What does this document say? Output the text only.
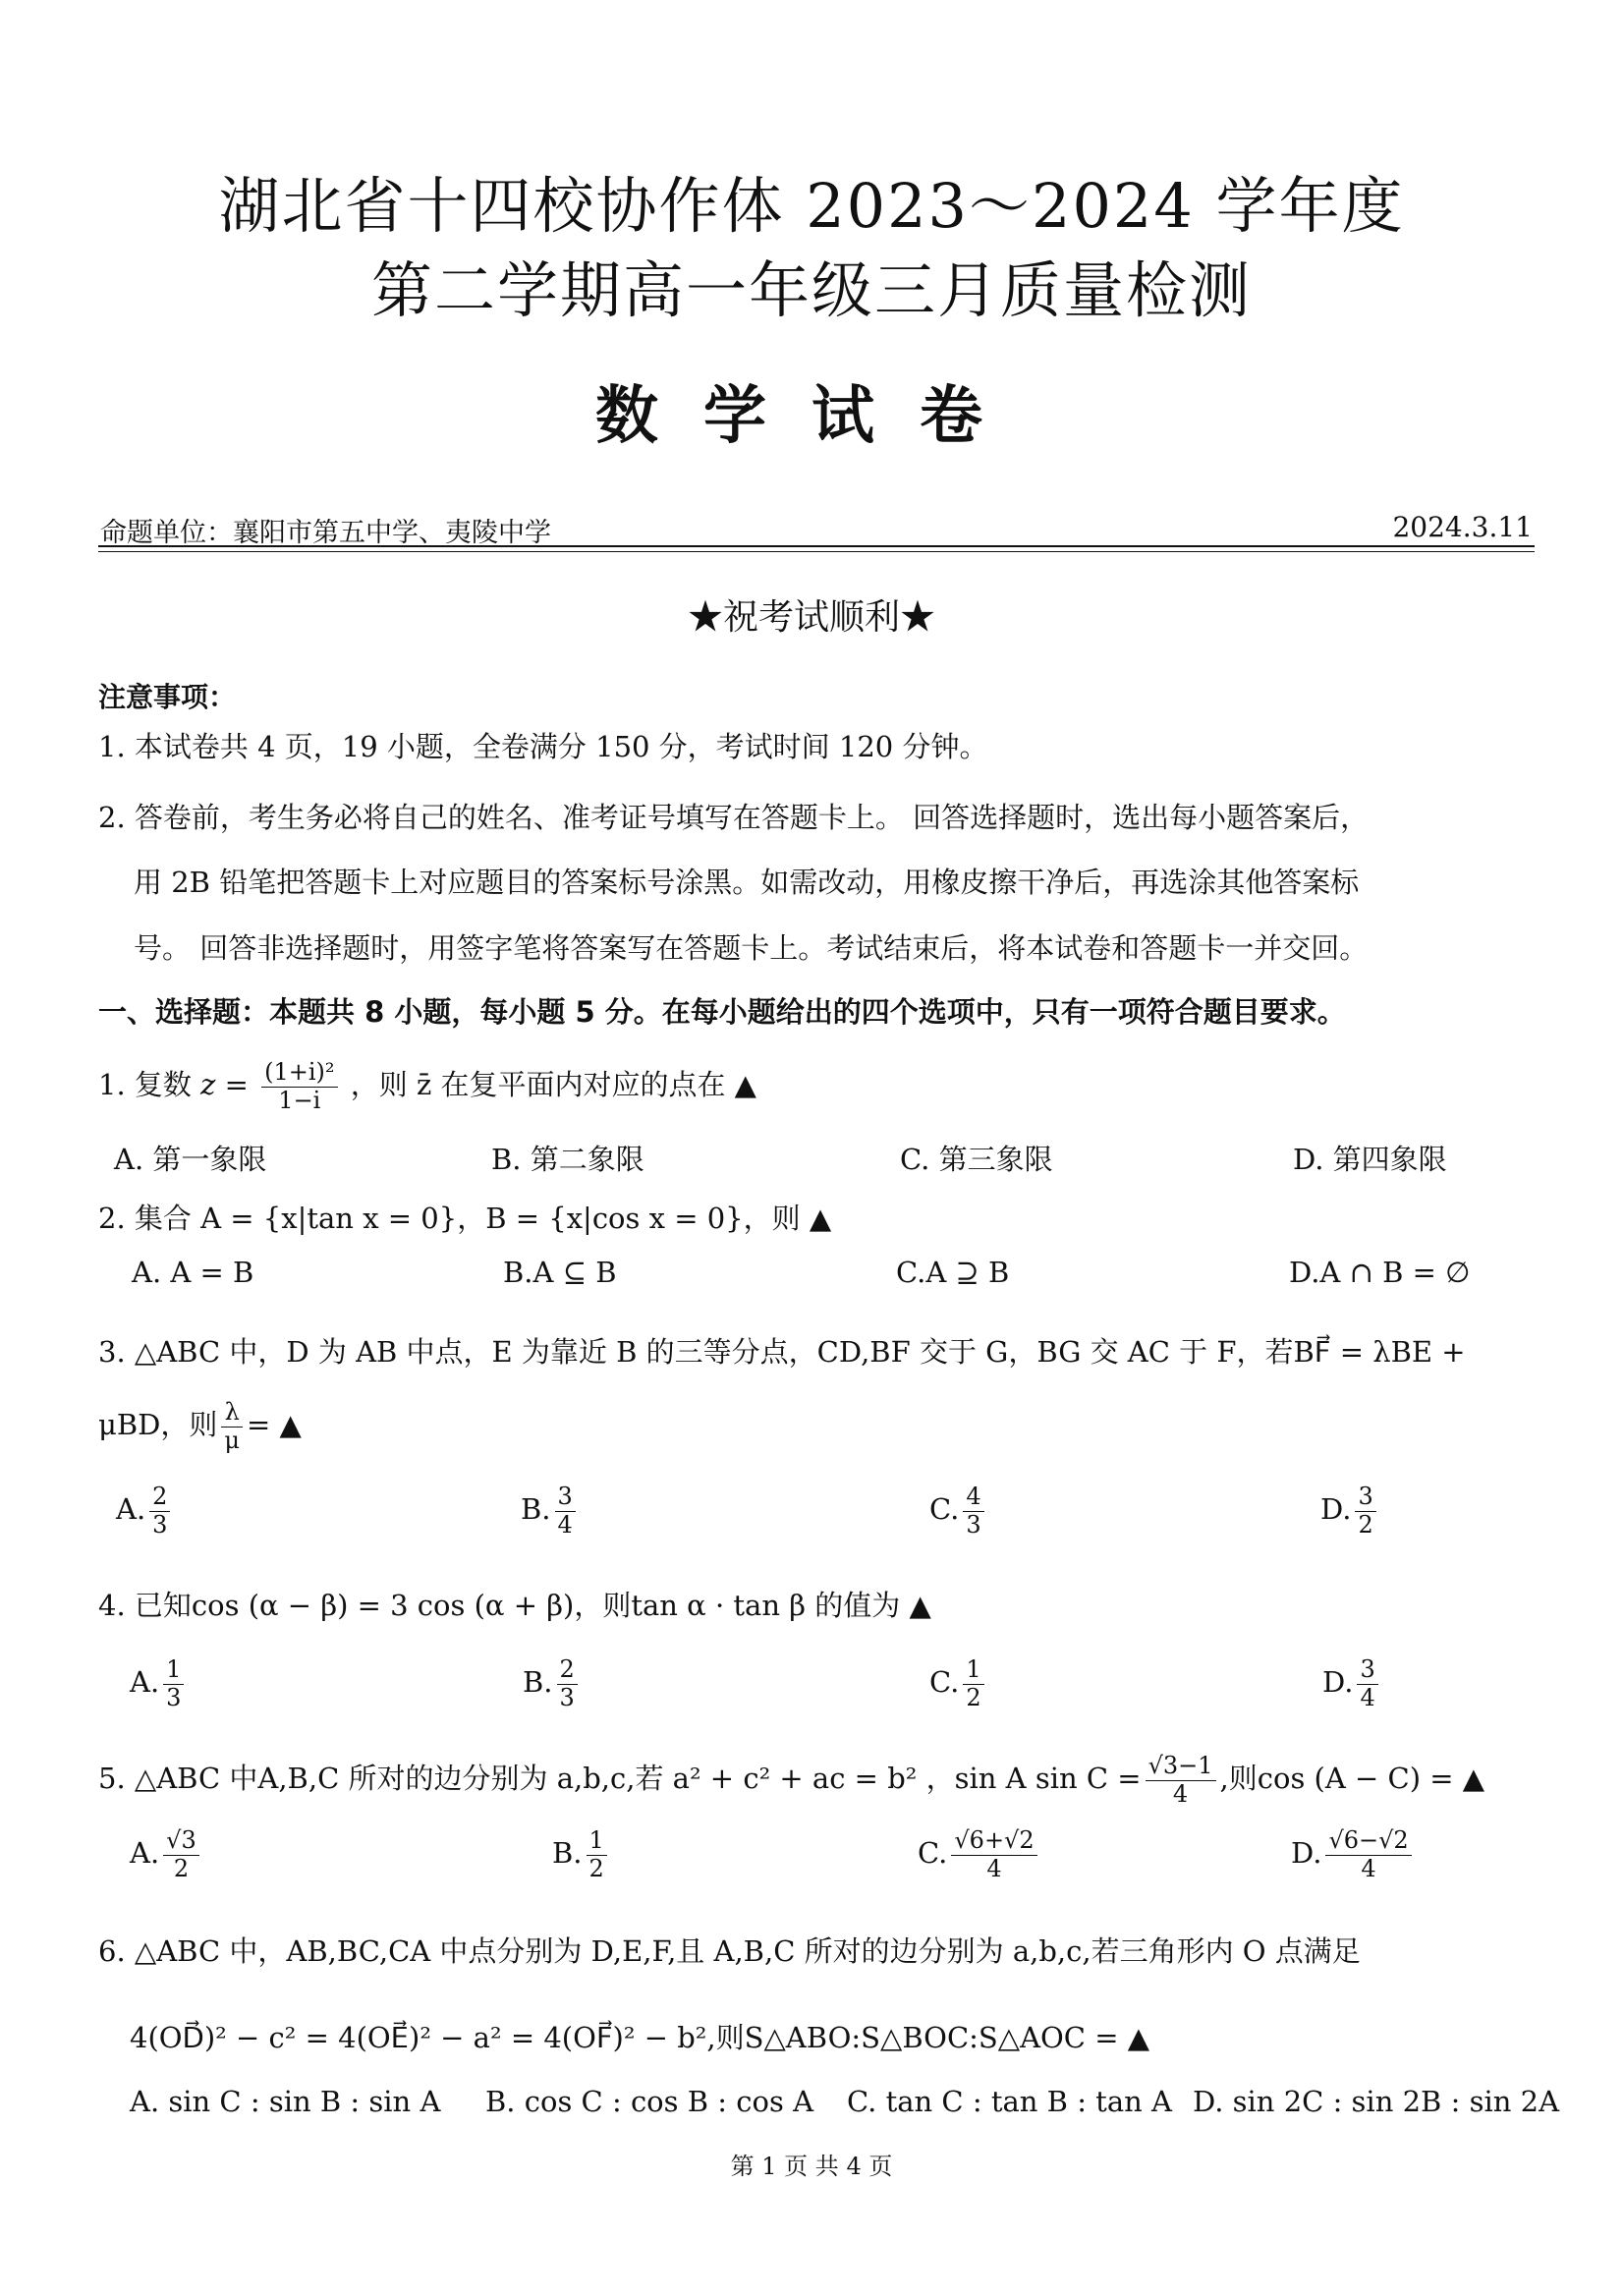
湖北省十四校协作体 2023～2024 学年度
第二学期高一年级三月质量检测
数学试卷
命题单位：襄阳市第五中学、夷陵中学	2024.3.11
★祝考试顺利★
注意事项：
1. 本试卷共 4 页，19 小题，全卷满分 150 分，考试时间 120 分钟。
2. 答卷前，考生务必将自己的姓名、准考证号填写在答题卡上。 回答选择题时，选出每小题答案后，
用 2B 铅笔把答题卡上对应题目的答案标号涂黑。如需改动，用橡皮擦干净后，再选涂其他答案标
号。 回答非选择题时，用签字笔将答案写在答题卡上。考试结束后，将本试卷和答题卡一并交回。
一、选择题：本题共 8 小题，每小题 5 分。在每小题给出的四个选项中，只有一项符合题目要求。
1. 复数 $z = \frac{\text{(1+i)²}}{1-i}$ ，则 z̄ 在复平面内对应的点在 ▲
A. 第一象限	B. 第二象限	C. 第三象限	D. 第四象限
2. 集合 A = {x|tan x = 0}，B = {x|cos x = 0}，则 ▲
A. A = B	B.A ⊆ B	C.A ⊇ B	D.A ∩ B = ∅
3. △ABC 中，D 为 AB 中点，E 为靠近 B 的三等分点，CD,BF 交于 G，BG 交 AC 于 F，若BF⃗ = λBE +
μBD，则 $\frac{\lambda}{\mu}$ = ▲
A. $\frac{2}{3}$	B. $\frac{3}{4}$	C. $\frac{4}{3}$	D. $\frac{3}{2}$
4. 已知cos (α − β) = 3 cos (α + β)，则tan α · tan β 的值为 ▲
A. $\frac{1}{3}$	B. $\frac{2}{3}$	C. $\frac{1}{2}$	D. $\frac{3}{4}$
5. △ABC 中A,B,C 所对的边分别为 a,b,c,若 a² + c² + ac = b² ，sin A $\sin C = \frac{√3-1}{4}$ ,则cos (A − C) = ▲
A. $\frac{√3}{2}$	B. $\frac{1}{2}$	C. $\frac{√6+√2}{4}$	D. $\frac{√6-√2}{4}$
6. △ABC 中，AB,BC,CA 中点分别为 D,E,F,且 A,B,C 所对的边分别为 a,b,c,若三角形内 O 点满足
4(OD⃗)² − c² = 4(OE⃗)² − a² = 4(OF⃗)² − b²,则S△ABO:S△BOC:S△AOC = ▲
A. sin C : sin B : sin A B. cos C : cos B : cos A C. tan C : tan B : tan A D. sin 2C : sin 2B : sin 2A
第 1 页 共 4 页
